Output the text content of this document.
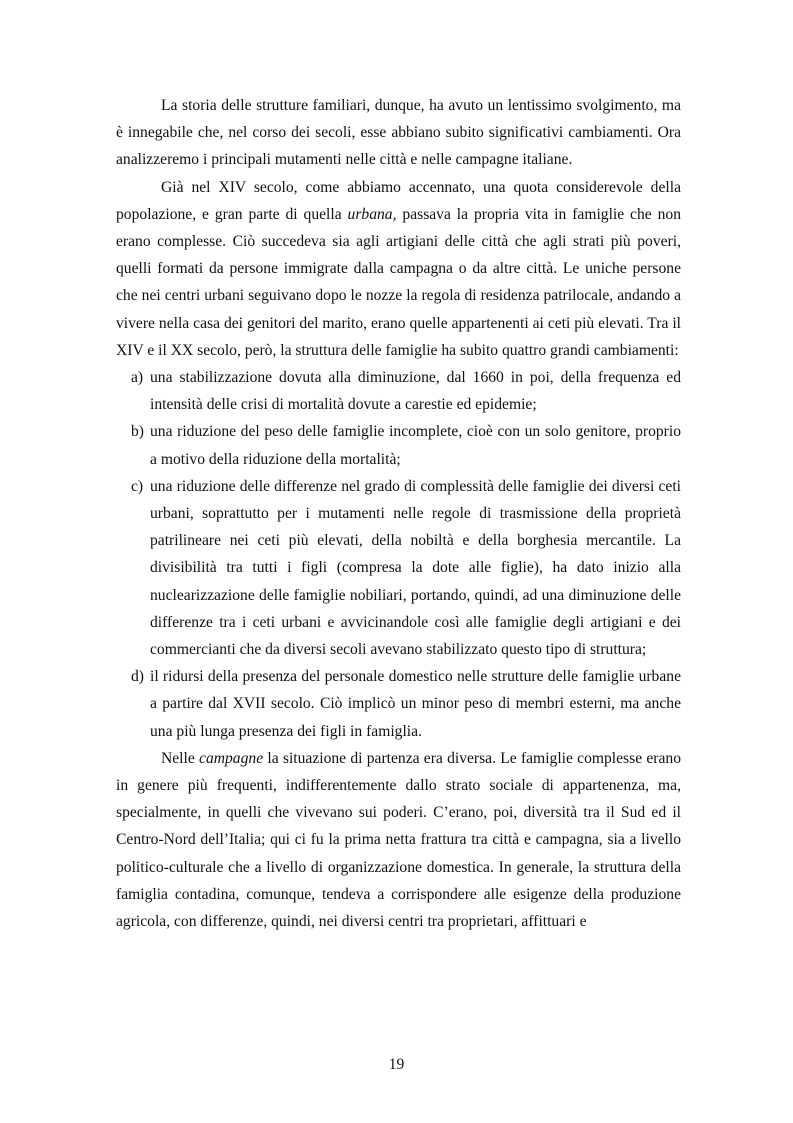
La storia delle strutture familiari, dunque, ha avuto un lentissimo svolgimento, ma è innegabile che, nel corso dei secoli, esse abbiano subito significativi cambiamenti. Ora analizzeremo i principali mutamenti nelle città e nelle campagne italiane.

Già nel XIV secolo, come abbiamo accennato, una quota considerevole della popolazione, e gran parte di quella urbana, passava la propria vita in famiglie che non erano complesse. Ciò succedeva sia agli artigiani delle città che agli strati più poveri, quelli formati da persone immigrate dalla campagna o da altre città. Le uniche persone che nei centri urbani seguivano dopo le nozze la regola di residenza patrilocale, andando a vivere nella casa dei genitori del marito, erano quelle appartenenti ai ceti più elevati. Tra il XIV e il XX secolo, però, la struttura delle famiglie ha subito quattro grandi cambiamenti:

a) una stabilizzazione dovuta alla diminuzione, dal 1660 in poi, della frequenza ed intensità delle crisi di mortalità dovute a carestie ed epidemie;
b) una riduzione del peso delle famiglie incomplete, cioè con un solo genitore, proprio a motivo della riduzione della mortalità;
c) una riduzione delle differenze nel grado di complessità delle famiglie dei diversi ceti urbani, soprattutto per i mutamenti nelle regole di trasmissione della proprietà patrilineare nei ceti più elevati, della nobiltà e della borghesia mercantile. La divisibilità tra tutti i figli (compresa la dote alle figlie), ha dato inizio alla nuclearizzazione delle famiglie nobiliari, portando, quindi, ad una diminuzione delle differenze tra i ceti urbani e avvicinandole così alle famiglie degli artigiani e dei commercianti che da diversi secoli avevano stabilizzato questo tipo di struttura;
d) il ridursi della presenza del personale domestico nelle strutture delle famiglie urbane a partire dal XVII secolo. Ciò implicò un minor peso di membri esterni, ma anche una più lunga presenza dei figli in famiglia.

Nelle campagne la situazione di partenza era diversa. Le famiglie complesse erano in genere più frequenti, indifferentemente dallo strato sociale di appartenenza, ma, specialmente, in quelli che vivevano sui poderi. C’erano, poi, diversità tra il Sud ed il Centro-Nord dell’Italia; qui ci fu la prima netta frattura tra città e campagna, sia a livello politico-culturale che a livello di organizzazione domestica. In generale, la struttura della famiglia contadina, comunque, tendeva a corrispondere alle esigenze della produzione agricola, con differenze, quindi, nei diversi centri tra proprietari, affittuari e

19
